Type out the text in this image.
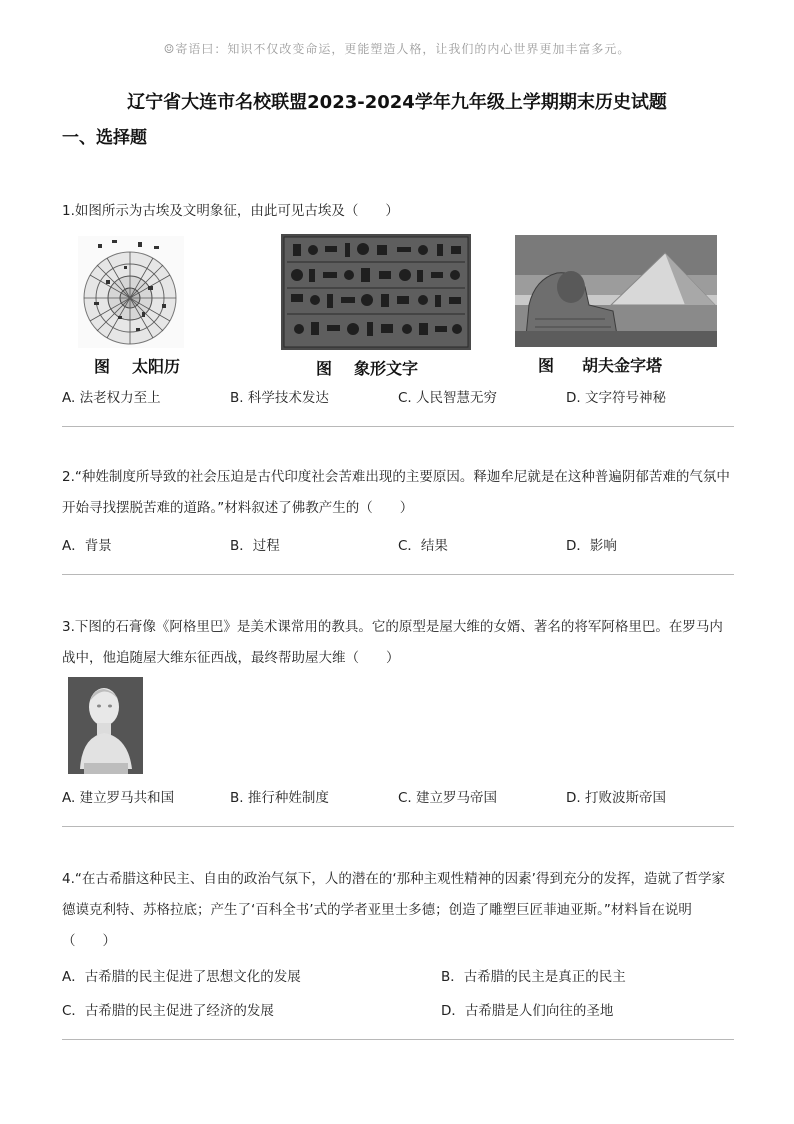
☺寄语曰：知识不仅改变命运，更能塑造人格，让我们的内心世界更加丰富多元。
辽宁省大连市名校联盟2023-2024学年九年级上学期期末历史试题
一、选择题
1.如图所示为古埃及文明象征，由此可见古埃及（　　）
图 太阳历	图 象形文字	图 胡夫金字塔
A. 法老权力至上	B. 科学技术发达	C. 人民智慧无穷	D. 文字符号神秘
2.“种姓制度所导致的社会压迫是古代印度社会苦难出现的主要原因。释迦牟尼就是在这种普遍阴郁苦难的气氛中开始寻找摆脱苦难的道路。”材料叙述了佛教产生的（　　）
A．背景	B．过程	C．结果	D．影响
3.下图的石膏像《阿格里巴》是美术课常用的教具。它的原型是屋大维的女婿、著名的将军阿格里巴。在罗马内战中，他追随屋大维东征西战，最终帮助屋大维（　　）
A. 建立罗马共和国	B. 推行种姓制度	C. 建立罗马帝国	D. 打败波斯帝国
4.“在古希腊这种民主、自由的政治气氛下，人的潜在的‘那种主观性精神的因素’得到充分的发挥，造就了哲学家德谟克利特、苏格拉底；产生了‘百科全书’式的学者亚里士多德；创造了雕塑巨匠菲迪亚斯。”材料旨在说明（　　）
A．古希腊的民主促进了思想文化的发展	B．古希腊的民主是真正的民主
C．古希腊的民主促进了经济的发展	D．古希腊是人们向往的圣地
